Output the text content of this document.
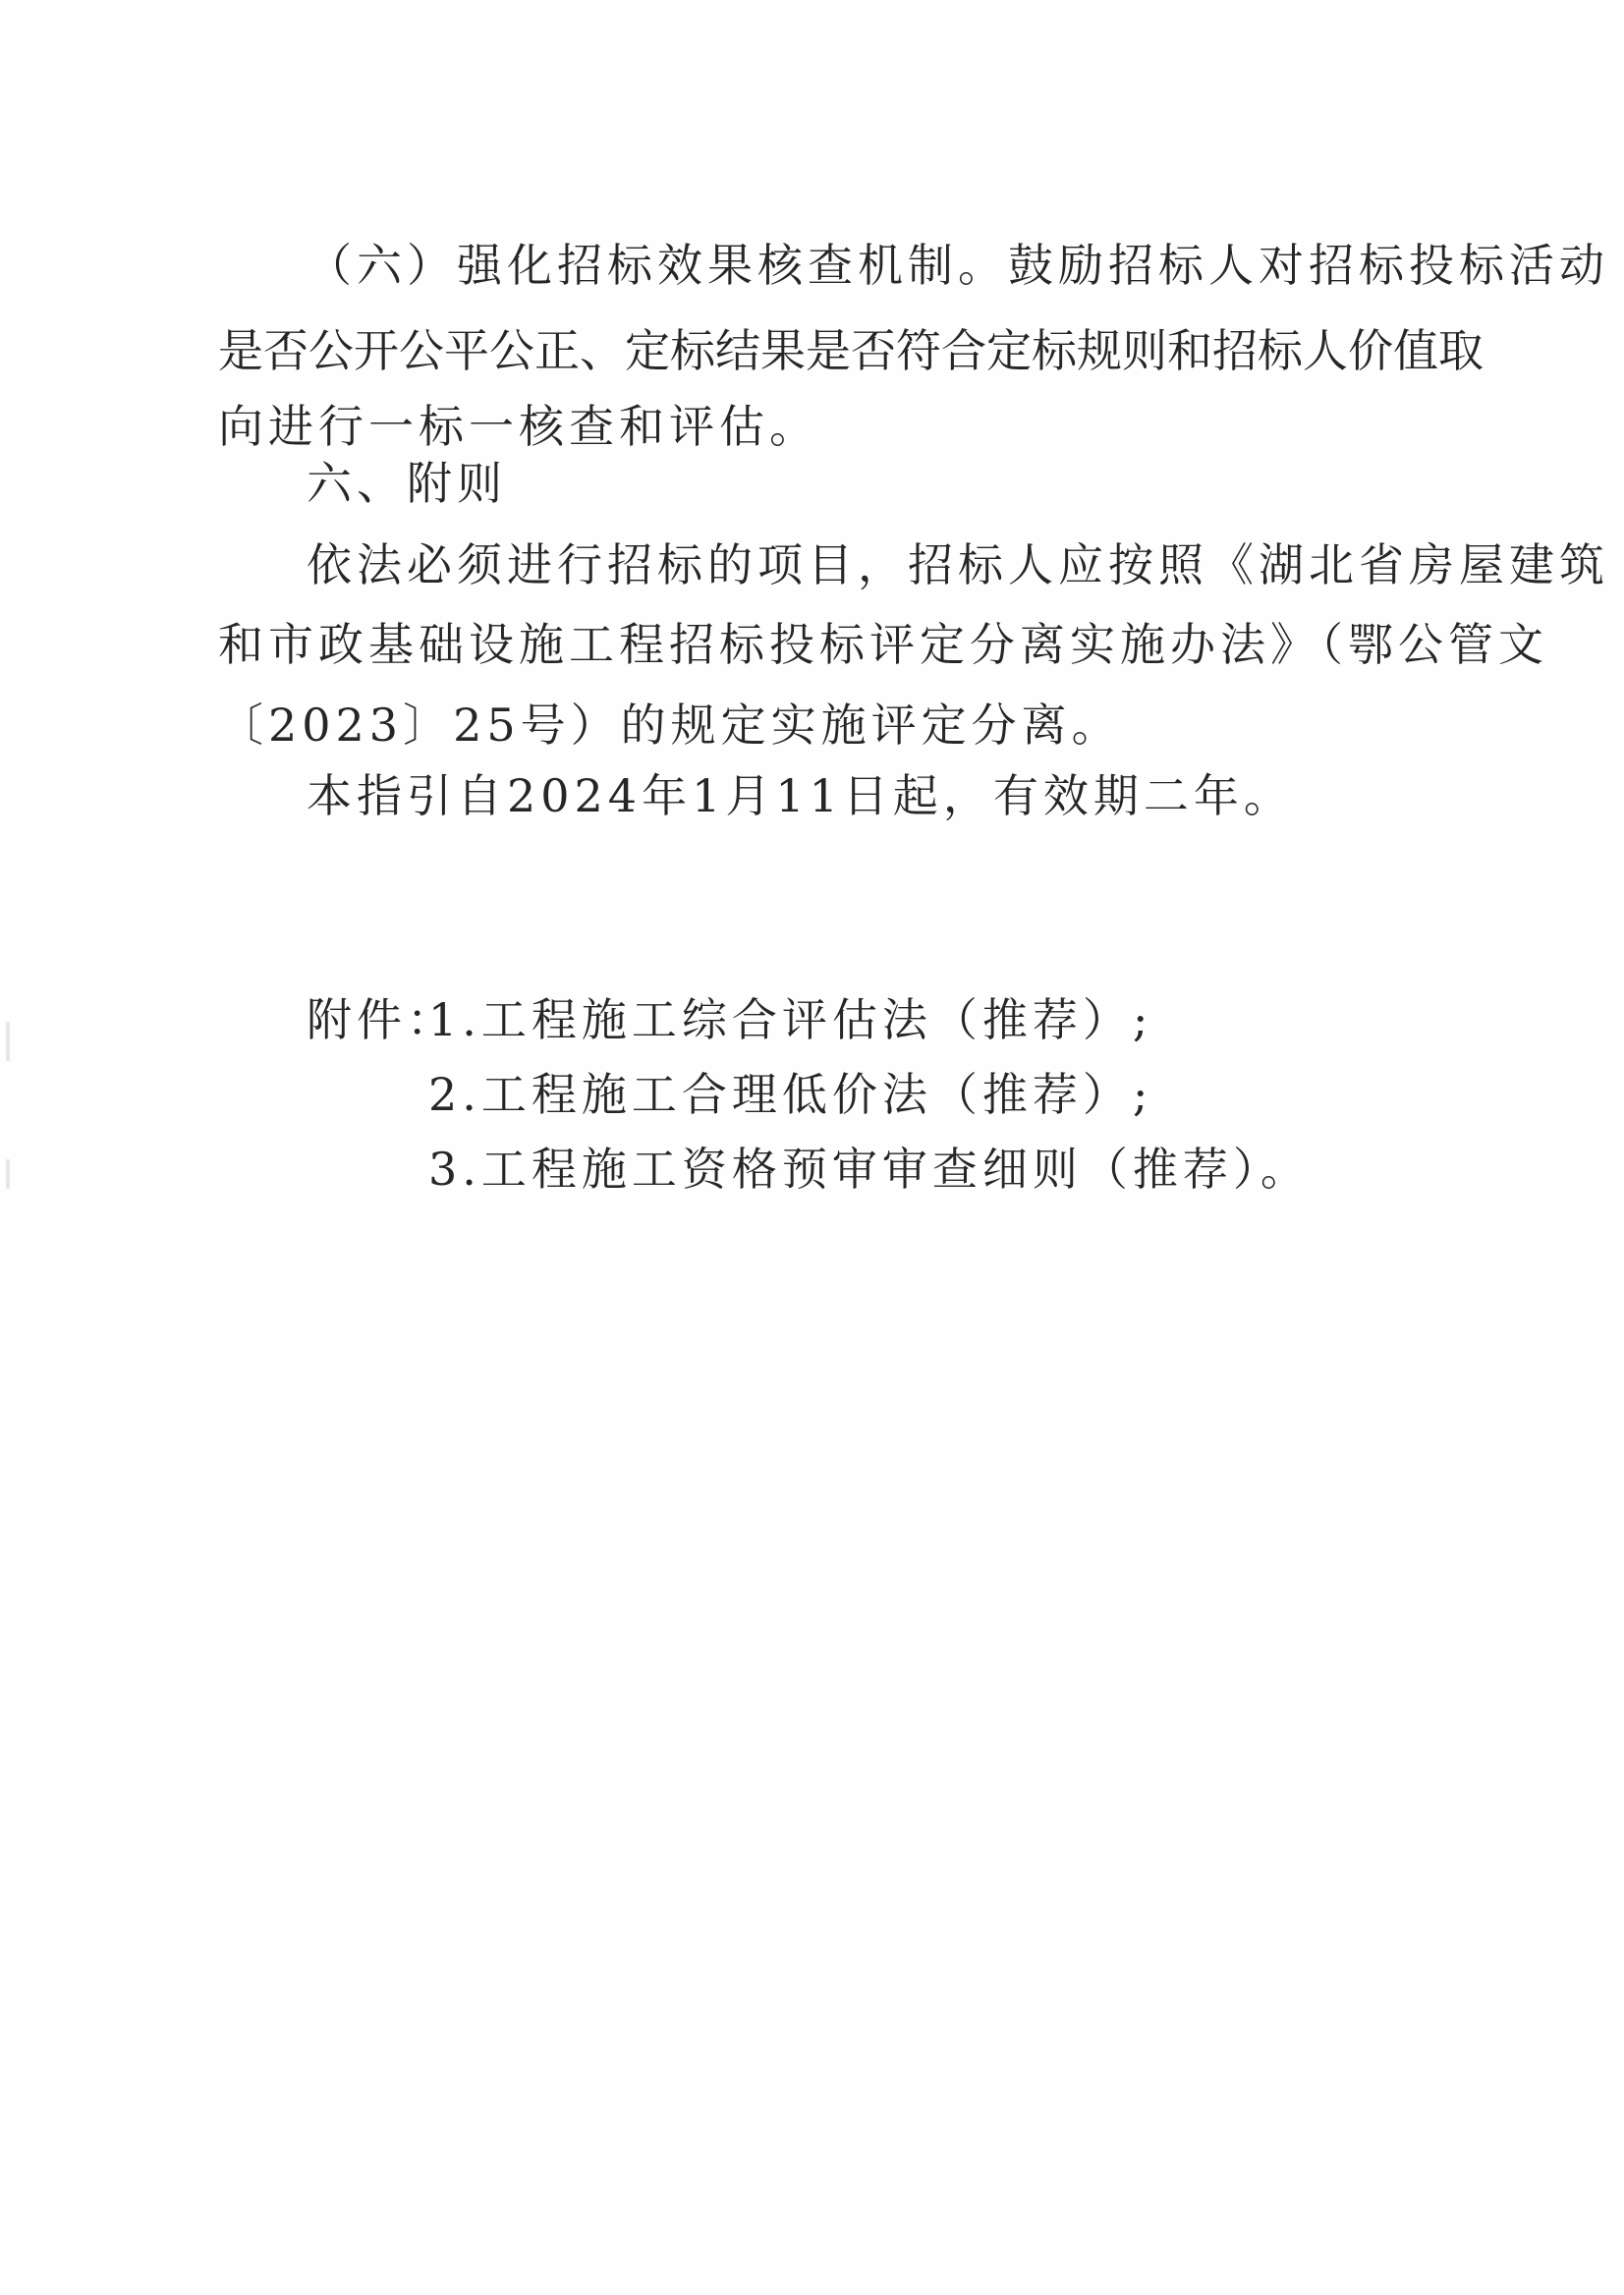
（六）强化招标效果核查机制。鼓励招标人对招标投标活动
是否公开公平公正、定标结果是否符合定标规则和招标人价值取
向进行一标一核查和评估。
六、附则
依法必须进行招标的项目，招标人应按照《湖北省房屋建筑
和市政基础设施工程招标投标评定分离实施办法》（鄂公管文
〔2023〕25号）的规定实施评定分离。
本指引自2024年1月11日起，有效期二年。
附件：
1.工程施工综合评估法（推荐）;
2.工程施工合理低价法（推荐）;
3.工程施工资格预审审查细则（推荐）。
